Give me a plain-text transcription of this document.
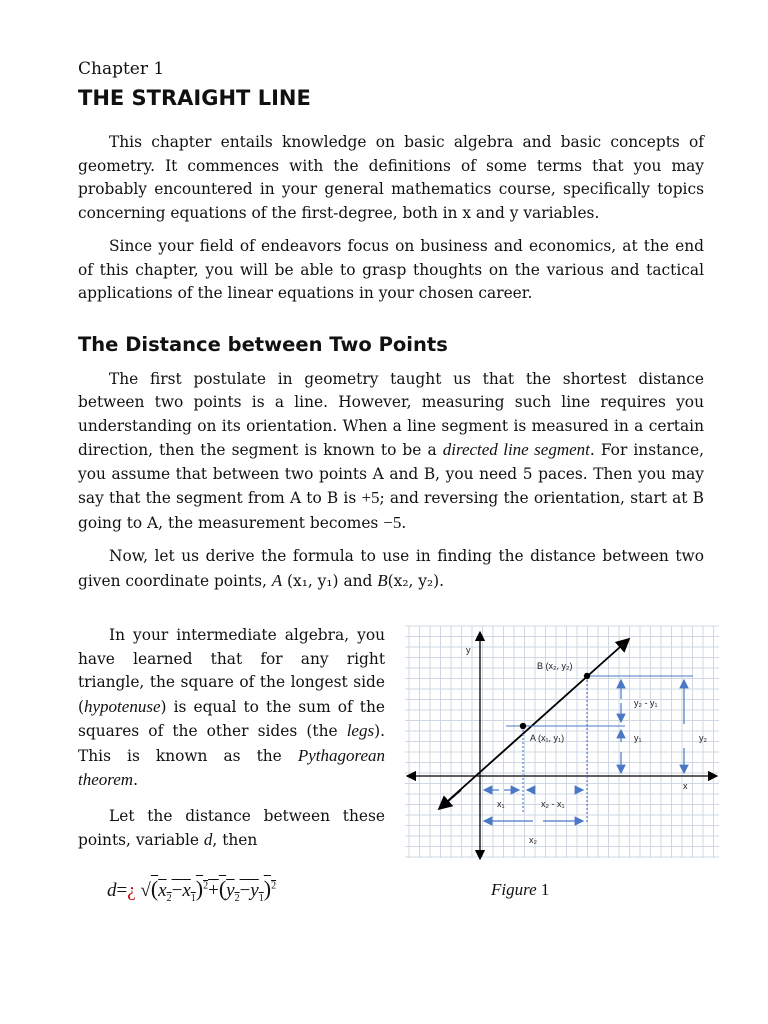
Chapter 1

THE STRAIGHT LINE

This chapter entails knowledge on basic algebra and basic concepts of geometry. It commences with the definitions of some terms that you may probably encountered in your general mathematics course, specifically topics concerning equations of the first-degree, both in x and y variables.

Since your field of endeavors focus on business and economics, at the end of this chapter, you will be able to grasp thoughts on the various and tactical applications of the linear equations in your chosen career.

The Distance between Two Points

The first postulate in geometry taught us that the shortest distance between two points is a line. However, measuring such line requires you understanding on its orientation. When a line segment is measured in a certain direction, then the segment is known to be a directed line segment. For instance, you assume that between two points A and B, you need 5 paces. Then you may say that the segment from A to B is +5; and reversing the orientation, start at B going to A, the measurement becomes −5.

Now, let us derive the formula to use in finding the distance between two given coordinate points, A (x₁, y₁) and B(x₂, y₂).

In your intermediate algebra, you have learned that for any right triangle, the square of the longest side (hypotenuse) is equal to the sum of the squares of the other sides (the legs). This is known as the Pythagorean theorem.

Let the distance between these points, variable d, then

y
x
B (x₂, y₂)
A (x₁, y₁)
y₂ - y₁
y₁	y₂
x₁	x₂ - x₁
x₂
d=¿ $√(x_2-x_1)^2+(y_2-y_1)^2$	Figure 1
